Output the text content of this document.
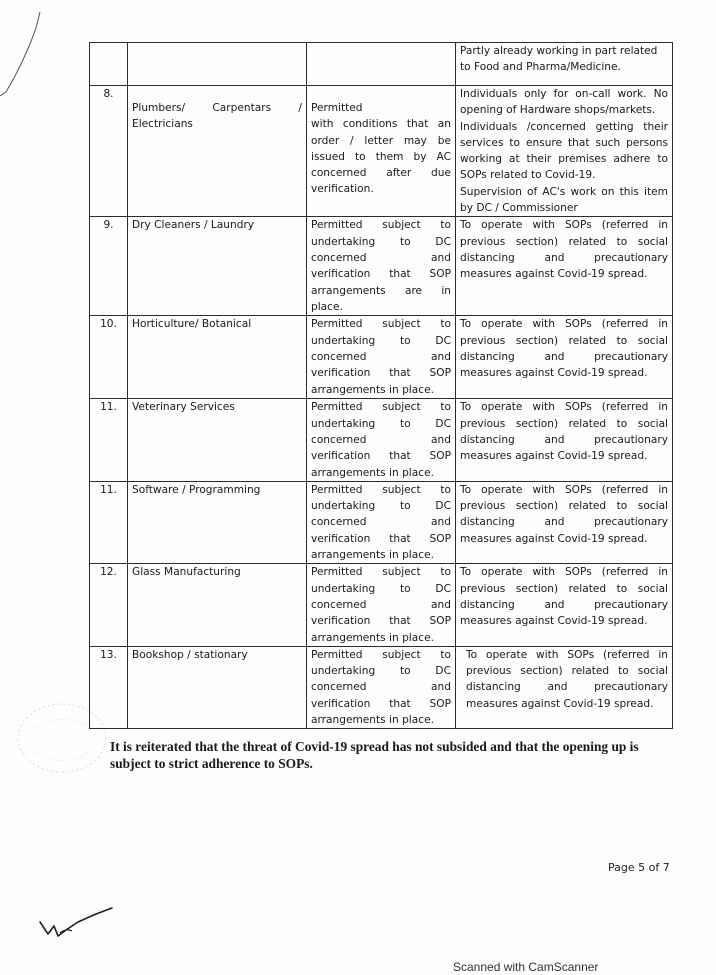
			Partly already working in part related
to Food and Pharma/Medicine.

8.	Plumbers/ Carpentars / Electricians	Permitted
with conditions that an order / letter may be issued to them by AC concerned after due verification.	Individuals only for on-call work. No opening of Hardware shops/markets.
Individuals /concerned getting their services to ensure that such persons working at their premises adhere to SOPs related to Covid-19.
Supervision of AC's work on this item by DC / Commissioner

9.	Dry Cleaners / Laundry	Permitted subject to undertaking to DC concerned and verification that SOP arrangements are in place.	To operate with SOPs (referred in previous section) related to social distancing and precautionary measures against Covid-19 spread.

10.	Horticulture/ Botanical	Permitted subject to undertaking to DC concerned and verification that SOP arrangements in place.	To operate with SOPs (referred in previous section) related to social distancing and precautionary measures against Covid-19 spread.

11.	Veterinary Services	Permitted subject to undertaking to DC concerned and verification that SOP arrangements in place.	To operate with SOPs (referred in previous section) related to social distancing and precautionary measures against Covid-19 spread.

11.	Software / Programming	Permitted subject to undertaking to DC concerned and verification that SOP arrangements in place.	To operate with SOPs (referred in previous section) related to social distancing and precautionary measures against Covid-19 spread.

12.	Glass Manufacturing	Permitted subject to undertaking to DC concerned and verification that SOP arrangements in place.	To operate with SOPs (referred in previous section) related to social distancing and precautionary measures against Covid-19 spread.

13.	Bookshop / stationary	Permitted subject to undertaking to DC concerned and verification that SOP arrangements in place.	To operate with SOPs (referred in previous section) related to social distancing and precautionary measures against Covid-19 spread.
It is reiterated that the threat of Covid-19 spread has not subsided and that the opening up is subject to strict adherence to SOPs.
Page 5 of 7
Scanned with CamScanner
